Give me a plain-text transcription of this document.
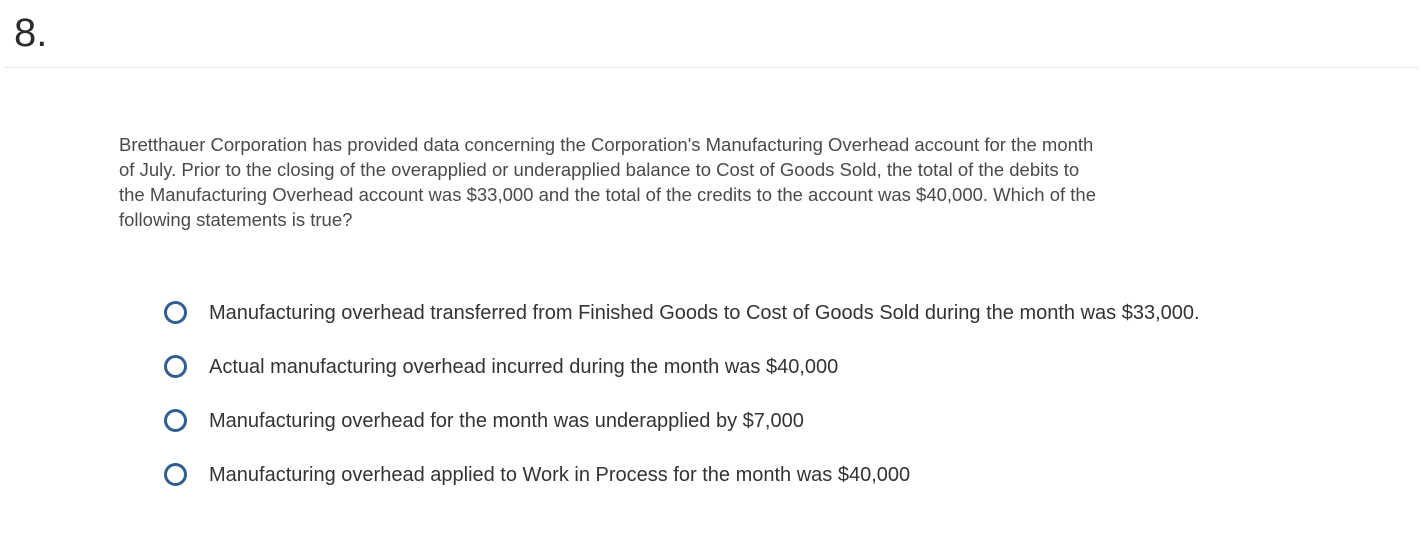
8.
Bretthauer Corporation has provided data concerning the Corporation's Manufacturing Overhead account for the month of July. Prior to the closing of the overapplied or underapplied balance to Cost of Goods Sold, the total of the debits to the Manufacturing Overhead account was $33,000 and the total of the credits to the account was $40,000. Which of the following statements is true?
Manufacturing overhead transferred from Finished Goods to Cost of Goods Sold during the month was $33,000.
Actual manufacturing overhead incurred during the month was $40,000
Manufacturing overhead for the month was underapplied by $7,000
Manufacturing overhead applied to Work in Process for the month was $40,000
